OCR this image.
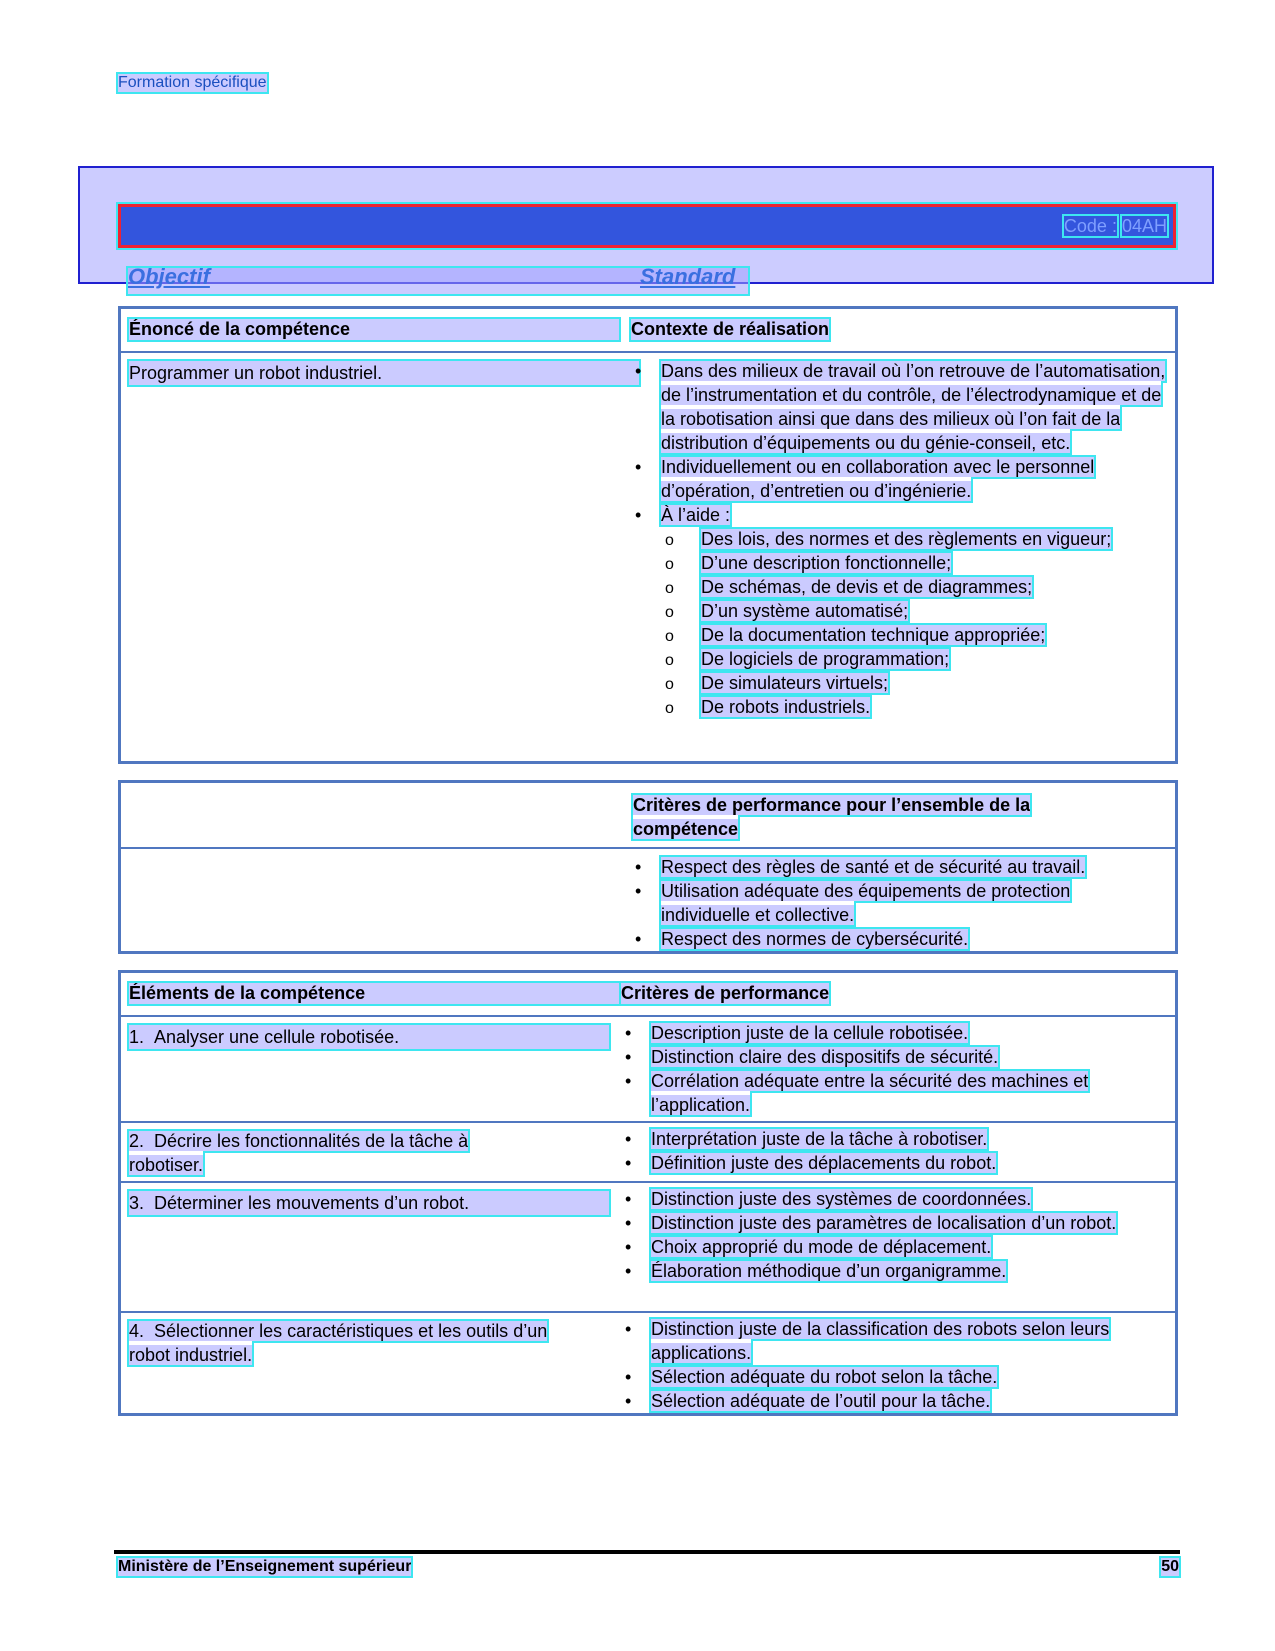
Formation spécifique
Code : 04AH
Objectif	Standard
Énoncé de la compétence	Contexte de réalisation
Programmer un robot industriel.	• Dans des milieux de travail où l’on retrouve de l’automatisation, de l’instrumentation et du contrôle, de l’électrodynamique et de la robotisation ainsi que dans des milieux où l’on fait de la distribution d’équipements ou du génie-conseil, etc.
• Individuellement ou en collaboration avec le personnel d’opération, d’entretien ou d’ingénierie.
• À l’aide :
o Des lois, des normes et des règlements en vigueur;
o D’une description fonctionnelle;
o De schémas, de devis et de diagrammes;
o D’un système automatisé;
o De la documentation technique appropriée;
o De logiciels de programmation;
o De simulateurs virtuels;
o De robots industriels.
Critères de performance pour l’ensemble de la compétence
• Respect des règles de santé et de sécurité au travail.
• Utilisation adéquate des équipements de protection individuelle et collective.
• Respect des normes de cybersécurité.
Éléments de la compétence	Critères de performance
1.  Analyser une cellule robotisée.	• Description juste de la cellule robotisée.
• Distinction claire des dispositifs de sécurité.
• Corrélation adéquate entre la sécurité des machines et l’application.
2.  Décrire les fonctionnalités de la tâche à robotiser.
• Interprétation juste de la tâche à robotiser.
• Définition juste des déplacements du robot.
3.  Déterminer les mouvements d’un robot.	• Distinction juste des systèmes de coordonnées.
• Distinction juste des paramètres de localisation d’un robot.
• Choix approprié du mode de déplacement.
• Élaboration méthodique d’un organigramme.
4.  Sélectionner les caractéristiques et les outils d’un robot industriel.
• Distinction juste de la classification des robots selon leurs applications.
• Sélection adéquate du robot selon la tâche.
• Sélection adéquate de l’outil pour la tâche.
Ministère de l’Enseignement supérieur	50
